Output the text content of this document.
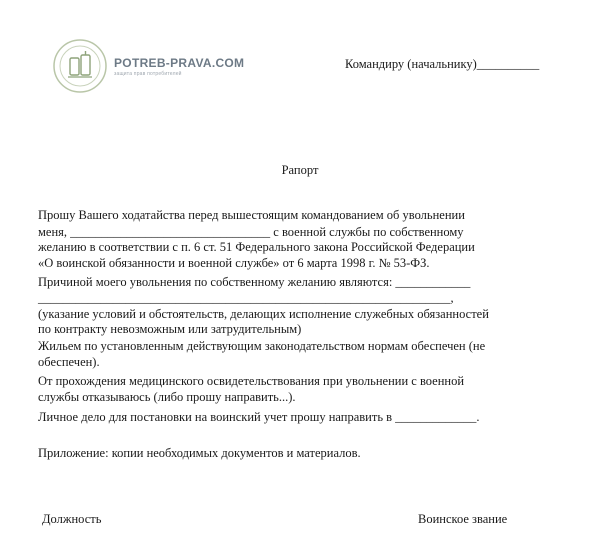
POTREB-PRAVA.COM
защита прав потребителей
Командиру (начальнику)__________
Рапорт
Прошу Вашего ходатайства перед вышестоящим командованием об увольнении
меня, ________________________________ с военной службы по собственному
желанию в соответствии с п. 6 ст. 51 Федерального закона Российской Федерации
«О воинской обязанности и военной службе» от 6 марта 1998 г. № 53-ФЗ.
Причиной моего увольнения по собственному желанию являются: ____________
__________________________________________________________________,
(указание условий и обстоятельств, делающих исполнение служебных обязанностей
по контракту невозможным или затрудительным)
Жильем по установленным действующим законодательством нормам обеспечен (не
обеспечен).
От прохождения медицинского освидетельствования при увольнении с военной
службы отказываюсь (либо прошу направить...).
Личное дело для постановки на воинский учет прошу направить в _____________.
Приложение: копии необходимых документов и материалов.
Должность	Воинское звание
